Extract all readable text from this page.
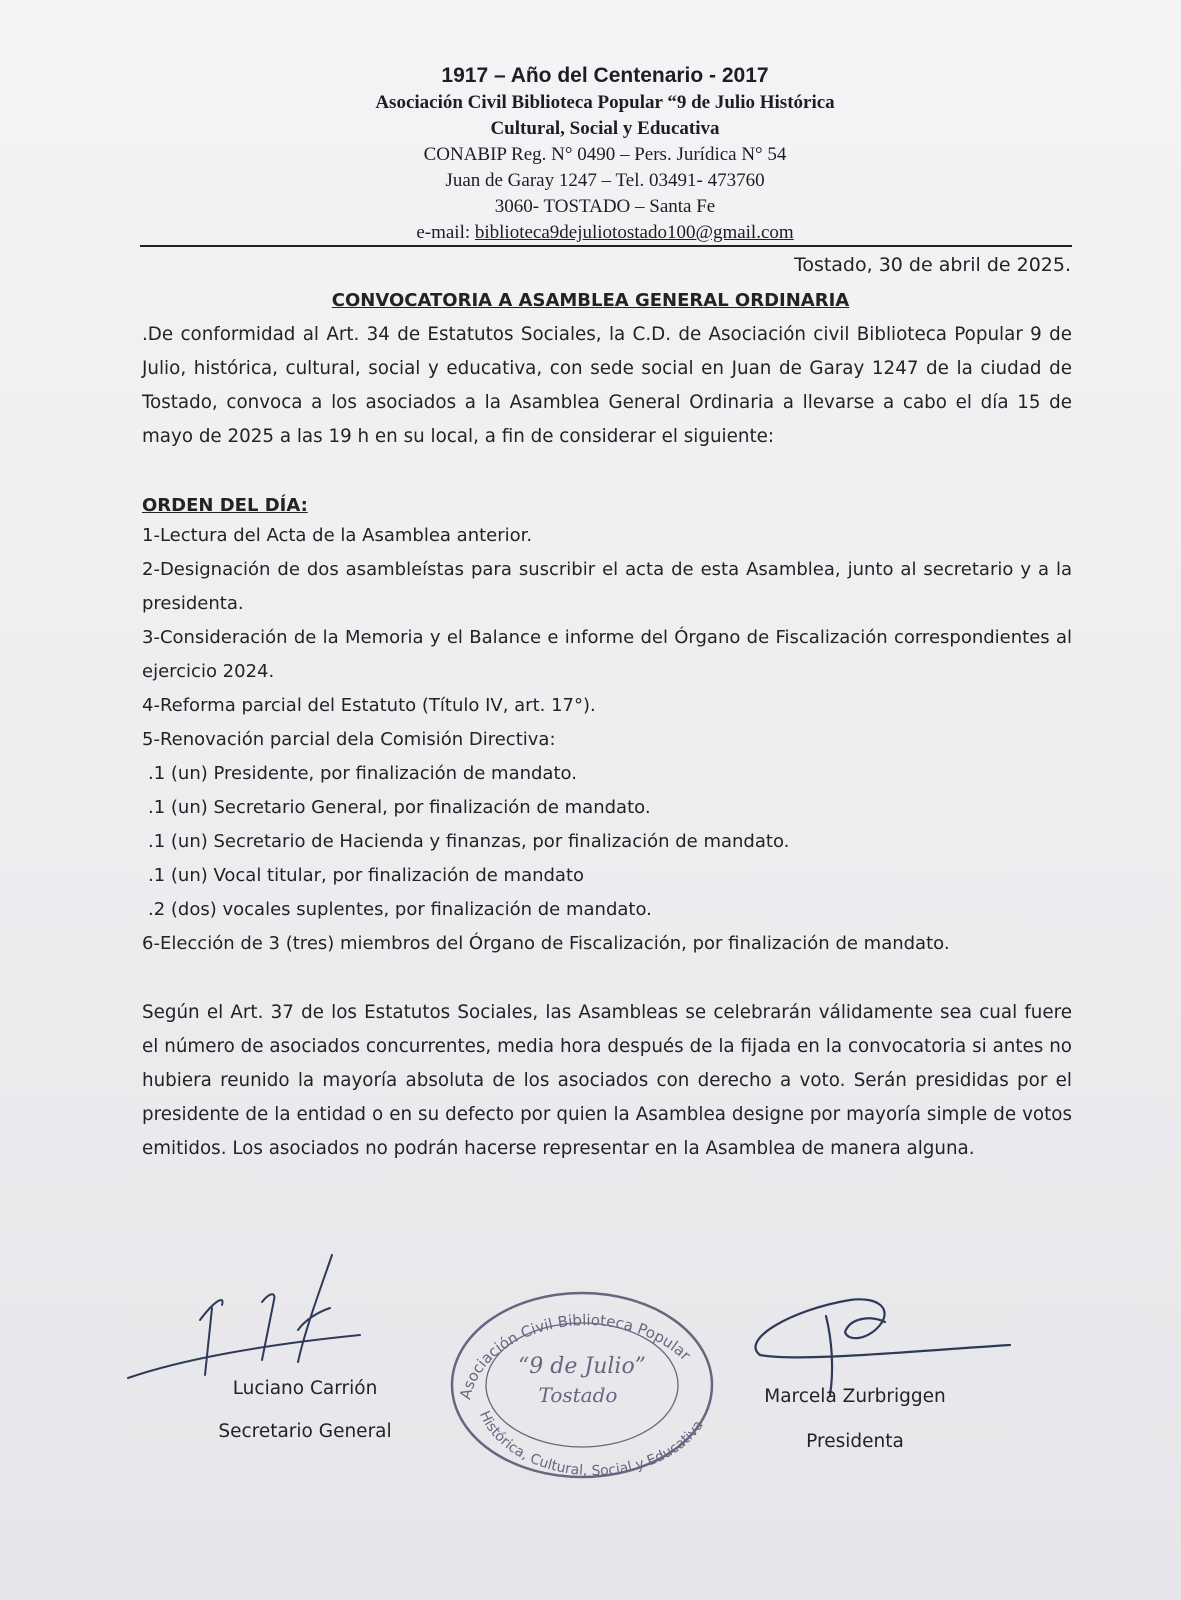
1917 – Año del Centenario - 2017
Asociación Civil Biblioteca Popular “9 de Julio Histórica
Cultural, Social y Educativa
CONABIP Reg. N° 0490 – Pers. Jurídica N° 54
Juan de Garay 1247 – Tel. 03491- 473760
3060- TOSTADO – Santa Fe
e-mail: biblioteca9dejuliotostado100@gmail.com
Tostado, 30 de abril de 2025.
CONVOCATORIA A ASAMBLEA GENERAL ORDINARIA
.De conformidad al Art. 34 de Estatutos Sociales, la C.D. de Asociación civil Biblioteca Popular 9 de Julio, histórica, cultural, social y educativa, con sede social en Juan de Garay 1247 de la ciudad de Tostado, convoca a los asociados a la Asamblea General Ordinaria a llevarse a cabo el día 15 de mayo de 2025 a las 19 h en su local, a fin de considerar el siguiente:
ORDEN DEL DÍA:
1-Lectura del Acta de la Asamblea anterior.
2-Designación de dos asambleístas para suscribir el acta de esta Asamblea, junto al secretario y a la presidenta.
3-Consideración de la Memoria y el Balance e informe del Órgano de Fiscalización correspondientes al ejercicio 2024.
4-Reforma parcial del Estatuto (Título IV, art. 17°).
5-Renovación parcial dela Comisión Directiva:
.1 (un) Presidente, por finalización de mandato.
.1 (un) Secretario General, por finalización de mandato.
.1 (un) Secretario de Hacienda y finanzas, por finalización de mandato.
.1 (un) Vocal titular, por finalización de mandato
.2 (dos) vocales suplentes, por finalización de mandato.
6-Elección de 3 (tres) miembros del Órgano de Fiscalización, por finalización de mandato.
Según el Art. 37 de los Estatutos Sociales, las Asambleas se celebrarán válidamente sea cual fuere el número de asociados concurrentes, media hora después de la fijada en la convocatoria si antes no hubiera reunido la mayoría absoluta de los asociados con derecho a voto. Serán presididas por el presidente de la entidad o en su defecto por quien la Asamblea designe por mayoría simple de votos emitidos. Los asociados no podrán hacerse representar en la Asamblea de manera alguna.
Asociación Civil Biblioteca Popular
Histórica, Cultural, Social y Educativa
“9 de Julio”
Tostado
Luciano Carrión
Secretario General
Marcela Zurbriggen
Presidenta
